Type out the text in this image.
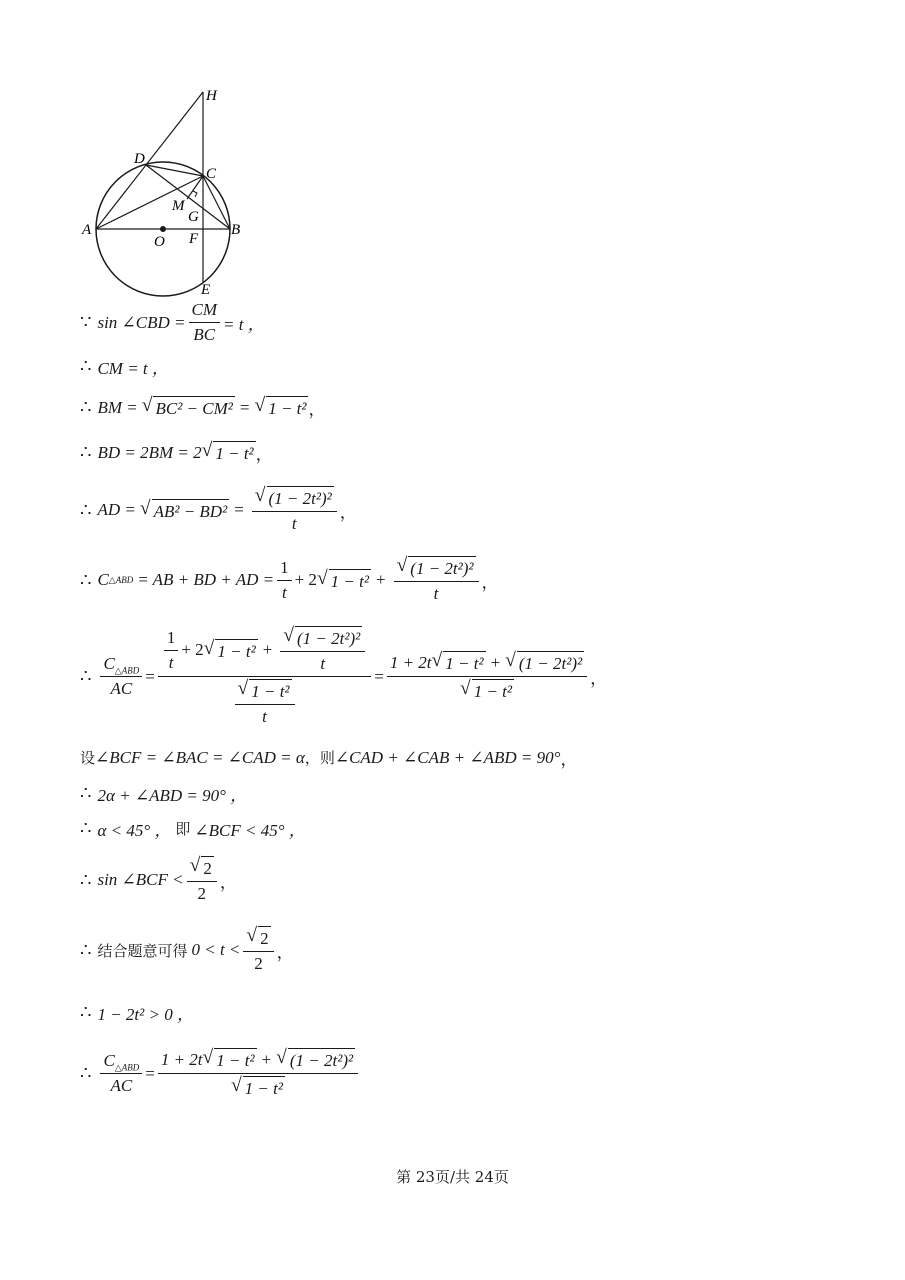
H
D
C
M
G
A
O F
B
E
∵ sin ∠CBD = $\frac{CM}{BC} = t$ ，
∴ CM = t ，
∴ BM = √ BC² − CM² = √ 1 − t² ，
∴ BD = 2BM = 2 √ 1 − t² ，
∴ AD = √ $AB^2 - BD^2 = \frac{\text{√ (1 − 2t²)²}}{t}$ ，
∴ C △ABD = AB + BD + AD = $\frac{1}{t} + 2$ √ $1 - t^2 + \frac{\text{√ (1 − 2t²)²}}{t}$ ，
∴ $\frac{C_{\triangle ABD}}{AC} = \frac{\frac{1}{t} + 2 √ 1 - t^2 + \frac{\text{√ (1 − 2t²)²}}{t}}{\frac{\text{√ 1 − t²}}{t}} = \frac{\text{1 + 2t √ 1 − t² + √ (1 − 2t²)²}}{\text{√ 1 − t²}}$ ，
设 ∠BCF = ∠BAC = ∠CAD = α ，则 ∠CAD + ∠CAB + ∠ABD = 90° ，
∴ 2α + ∠ABD = 90° ，
∴ α < 45° ， 即 ∠BCF < 45° ，
∴ sin ∠BCF < $\frac{√ 2}{2}$ ，
∴ 结合题意可得 $0 < t < \frac{√ 2}{2}$ ，
∴ 1 − 2t² > 0 ，
∴ $\frac{C_{\triangle ABD}}{AC} = \frac{\text{1 + 2t √ 1 − t² + √ (1 − 2t²)²}}{\text{√ 1 − t²}}$
第 23页/共 24页
